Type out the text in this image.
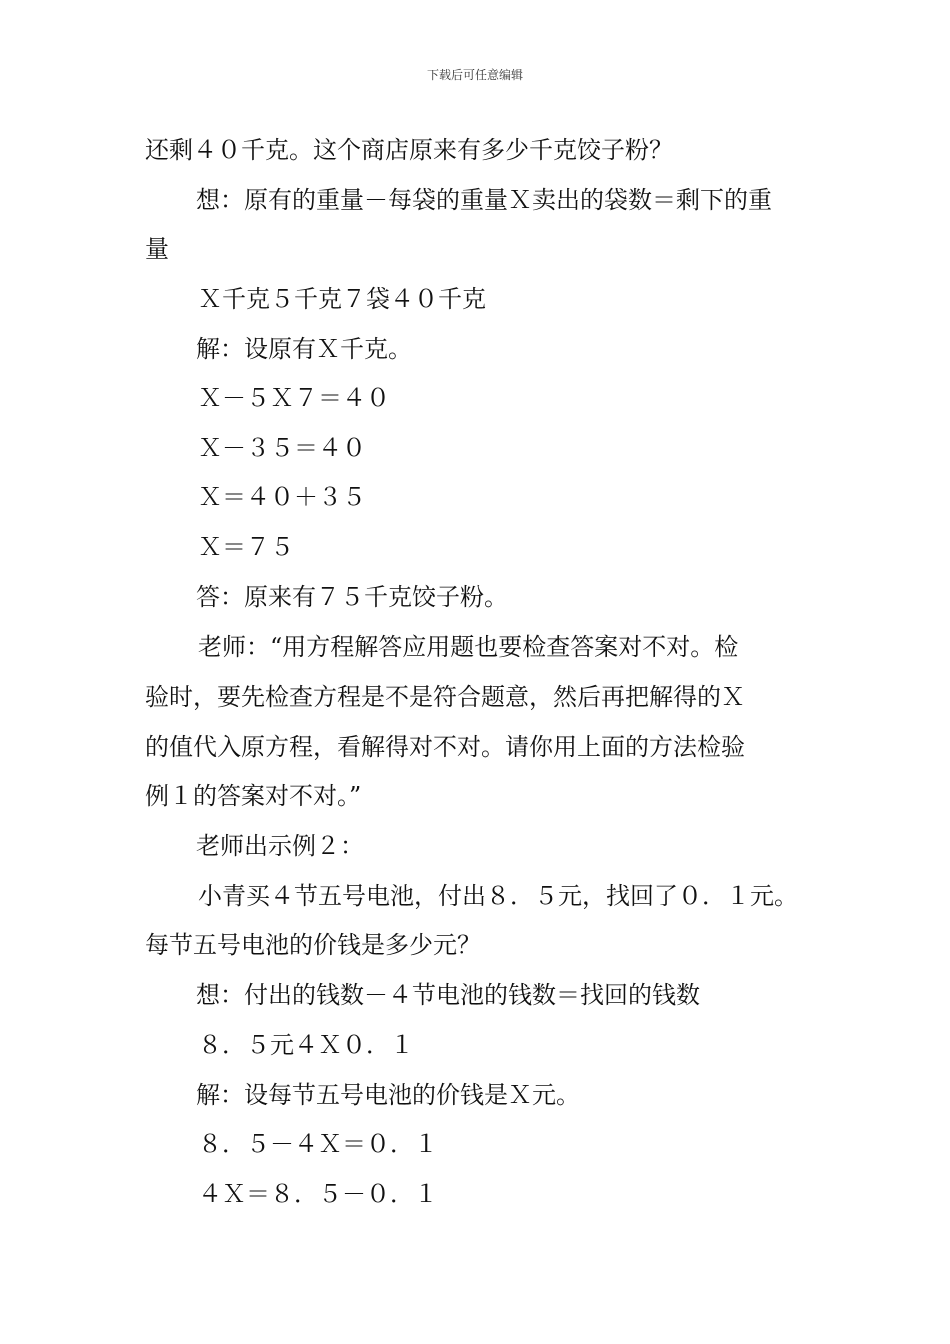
下载后可任意编辑
还剩４０千克。这个商店原来有多少千克饺子粉？
想：原有的重量－每袋的重量Ｘ卖出的袋数＝剩下的重
量
Ｘ千克５千克７袋４０千克
解：设原有Ｘ千克。
Ｘ－５Ｘ７＝４０
Ｘ－３５＝４０
Ｘ＝４０＋３５
Ｘ＝７５
答：原来有７５千克饺子粉。
老师：“用方程解答应用题也要检查答案对不对。检
验时，要先检查方程是不是符合题意，然后再把解得的Ｘ
的值代入原方程，看解得对不对。请你用上面的方法检验
例１的答案对不对。”
老师出示例２：
小青买４节五号电池，付出８．５元，找回了０．１元。
每节五号电池的价钱是多少元？
想：付出的钱数－４节电池的钱数＝找回的钱数
８．５元４Ｘ０．１
解：设每节五号电池的价钱是Ｘ元。
８．５－４Ｘ＝０．１
４Ｘ＝８．５－０．１
